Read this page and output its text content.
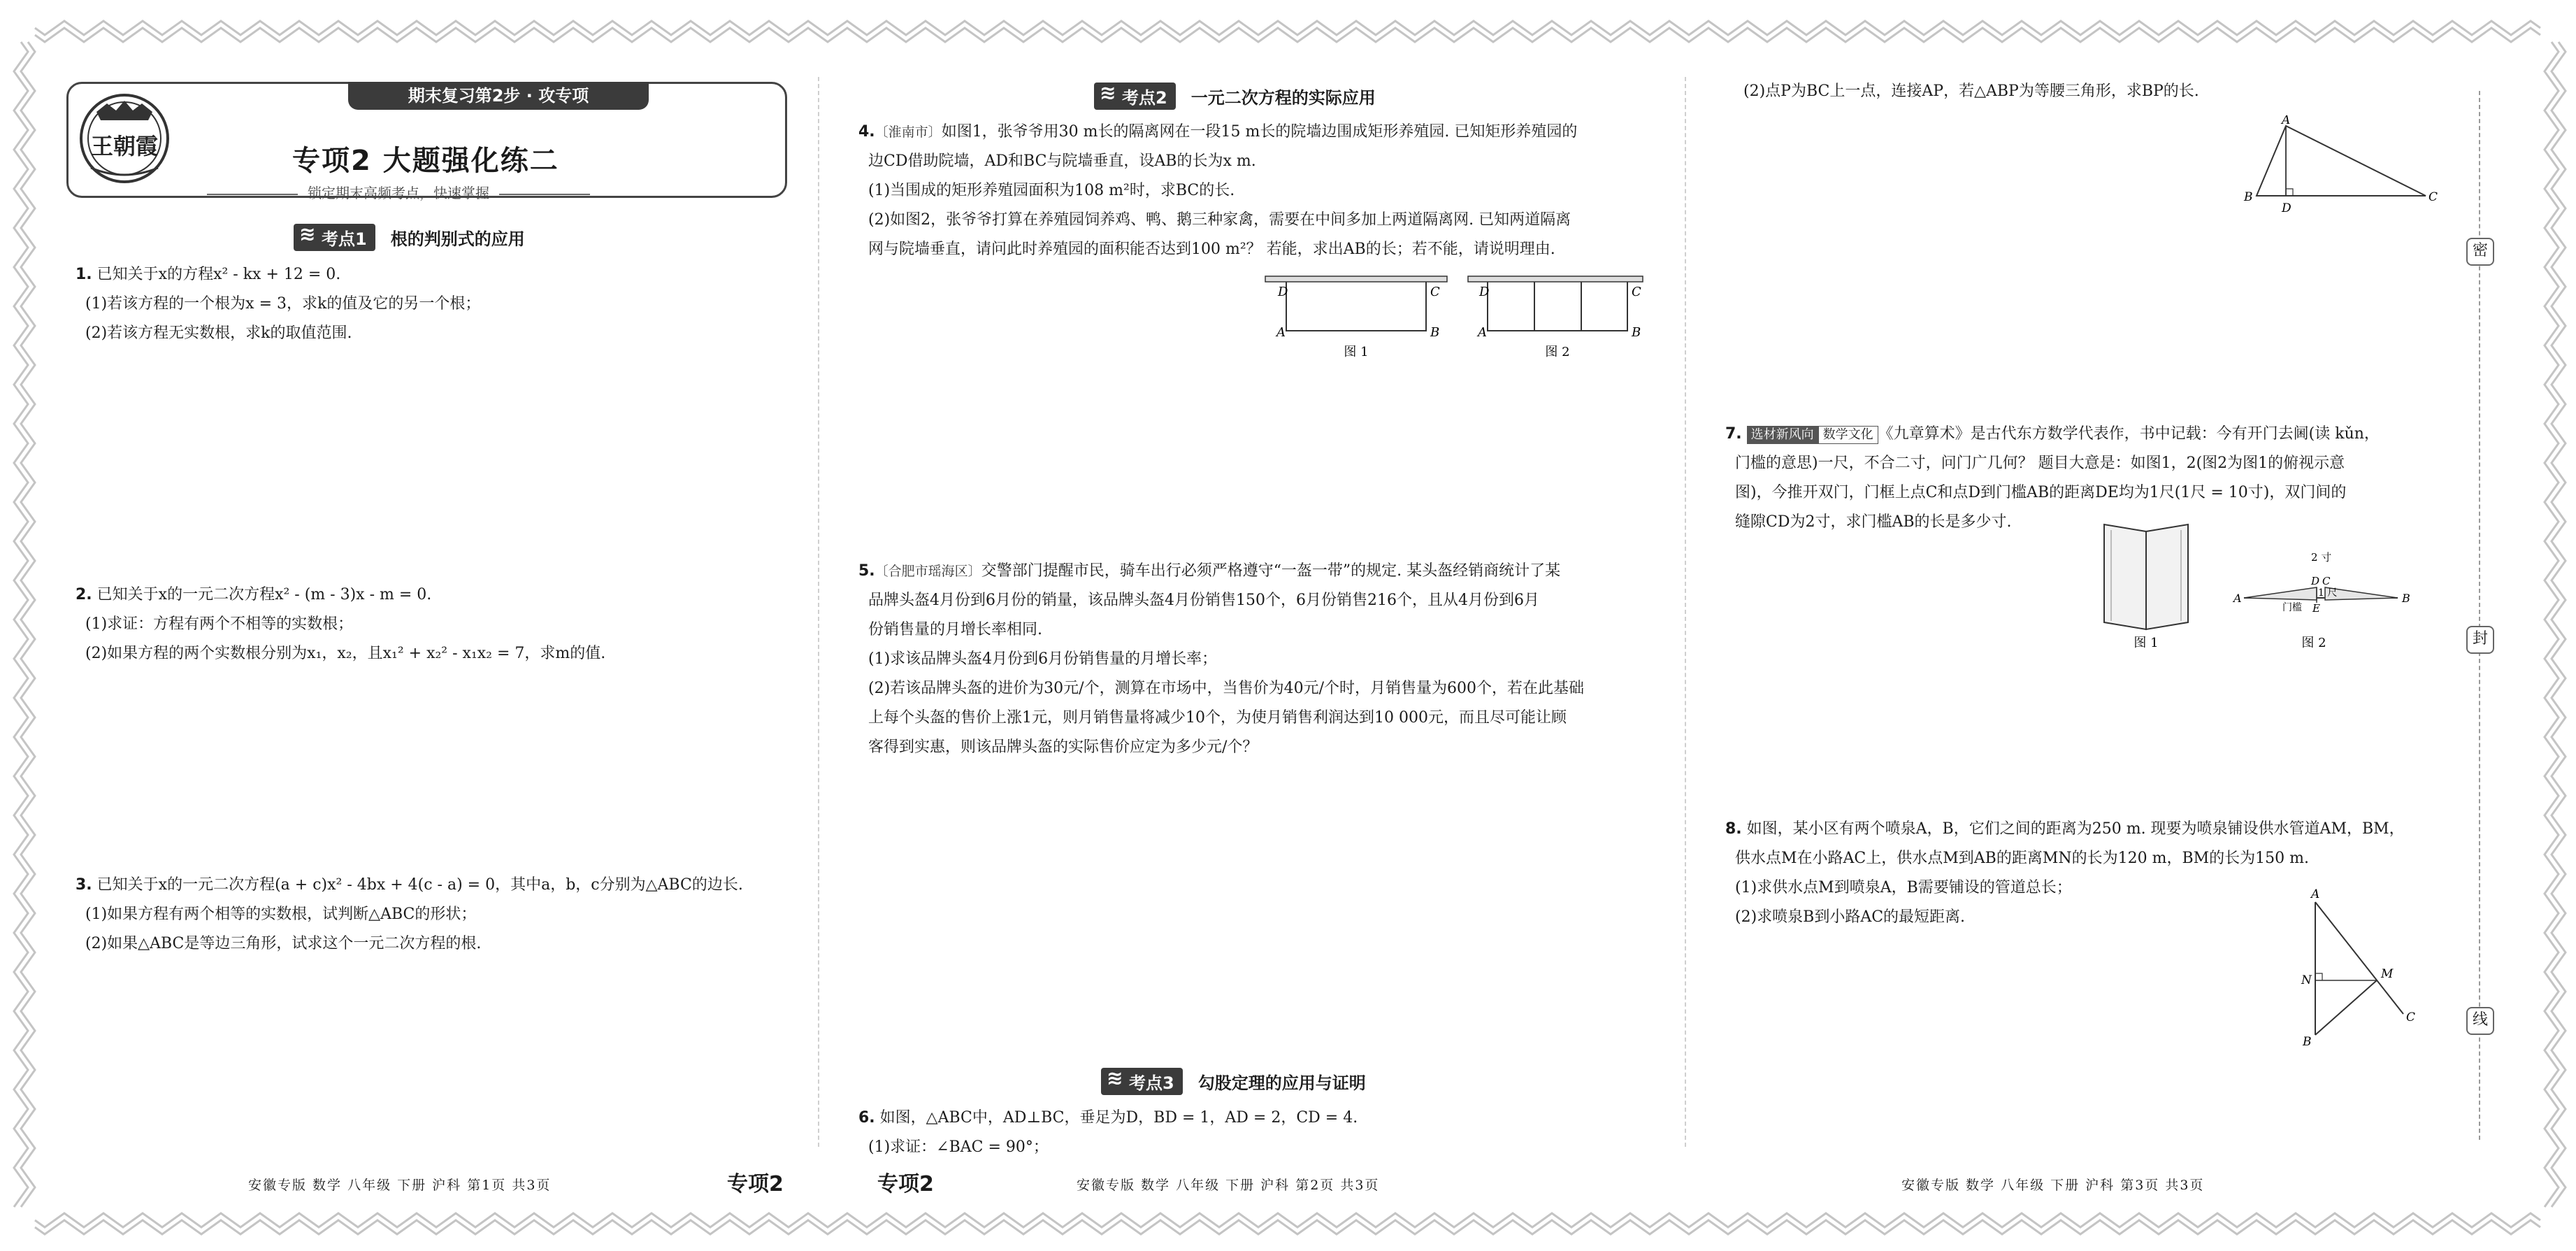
密
封
线
期末复习第2步 · 攻专项
王朝霞	专项2 大题强化练二
锁定期末高频考点，快速掌握
≋ 考点1 根的判别式的应用
1. 已知关于x的方程x² - kx + 12 = 0.
(1)若该方程的一个根为x = 3，求k的值及它的另一个根；
(2)若该方程无实数根，求k的取值范围.
2. 已知关于x的一元二次方程x² - (m - 3)x - m = 0.
(1)求证：方程有两个不相等的实数根；
(2)如果方程的两个实数根分别为x₁，x₂，且x₁² + x₂² - x₁x₂ = 7，求m的值.
3. 已知关于x的一元二次方程(a + c)x² - 4bx + 4(c - a) = 0，其中a，b，c分别为△ABC的边长.
(1)如果方程有两个相等的实数根，试判断△ABC的形状；
(2)如果△ABC是等边三角形，试求这个一元二次方程的根.
≋ 考点2 一元二次方程的实际应用
4.〔淮南市〕如图1，张爷爷用30 m长的隔离网在一段15 m长的院墙边围成矩形养殖园. 已知矩形养殖园的
边CD借助院墙，AD和BC与院墙垂直，设AB的长为x m.
(1)当围成的矩形养殖园面积为108 m²时，求BC的长.
(2)如图2，张爷爷打算在养殖园饲养鸡、鸭、鹅三种家禽，需要在中间多加上两道隔离网. 已知两道隔离
网与院墙垂直，请问此时养殖园的面积能否达到100 m²？ 若能，求出AB的长；若不能，请说明理由.
D	C
A	B
图 1
D	C
A	B
图 2
5.〔合肥市瑶海区〕交警部门提醒市民，骑车出行必须严格遵守“一盔一带”的规定. 某头盔经销商统计了某
品牌头盔4月份到6月份的销量，该品牌头盔4月份销售150个，6月份销售216个，且从4月份到6月
份销售量的月增长率相同.
(1)求该品牌头盔4月份到6月份销售量的月增长率；
(2)若该品牌头盔的进价为30元/个，测算在市场中，当售价为40元/个时，月销售量为600个，若在此基础
上每个头盔的售价上涨1元，则月销售量将减少10个，为使月销售利润达到10 000元，而且尽可能让顾
客得到实惠，则该品牌头盔的实际售价应定为多少元/个？
≋ 考点3 勾股定理的应用与证明
6. 如图，△ABC中，AD⊥BC，垂足为D，BD = 1，AD = 2，CD = 4.
(1)求证：∠BAC = 90°；
(2)点P为BC上一点，连接AP，若△ABP为等腰三角形，求BP的长.
A
B
D
C
7. 选材新风向 数学文化 《九章算术》是古代东方数学代表作，书中记载：今有开门去阃(读 kǔn，
门槛的意思)一尺，不合二寸，问门广几何？ 题目大意是：如图1，2(图2为图1的俯视示意
图)，今推开双门，门框上点C和点D到门槛AB的距离DE均为1尺(1尺 = 10寸)，双门间的
缝隙CD为2寸，求门槛AB的长是多少寸.
图 1
A	B
D C
E
2 寸
1 尺
门槛
图 2
8. 如图，某小区有两个喷泉A，B，它们之间的距离为250 m. 现要为喷泉铺设供水管道AM，BM，
供水点M在小路AC上，供水点M到AB的距离MN的长为120 m，BM的长为150 m.
(1)求供水点M到喷泉A，B需要铺设的管道总长；
(2)求喷泉B到小路AC的最短距离.
A
N	M
C
B
安徽专版 数学 八年级 下册 沪科 第1页 共3页	专项2	专项2	安徽专版 数学 八年级 下册 沪科 第2页 共3页	安徽专版 数学 八年级 下册 沪科 第3页 共3页
